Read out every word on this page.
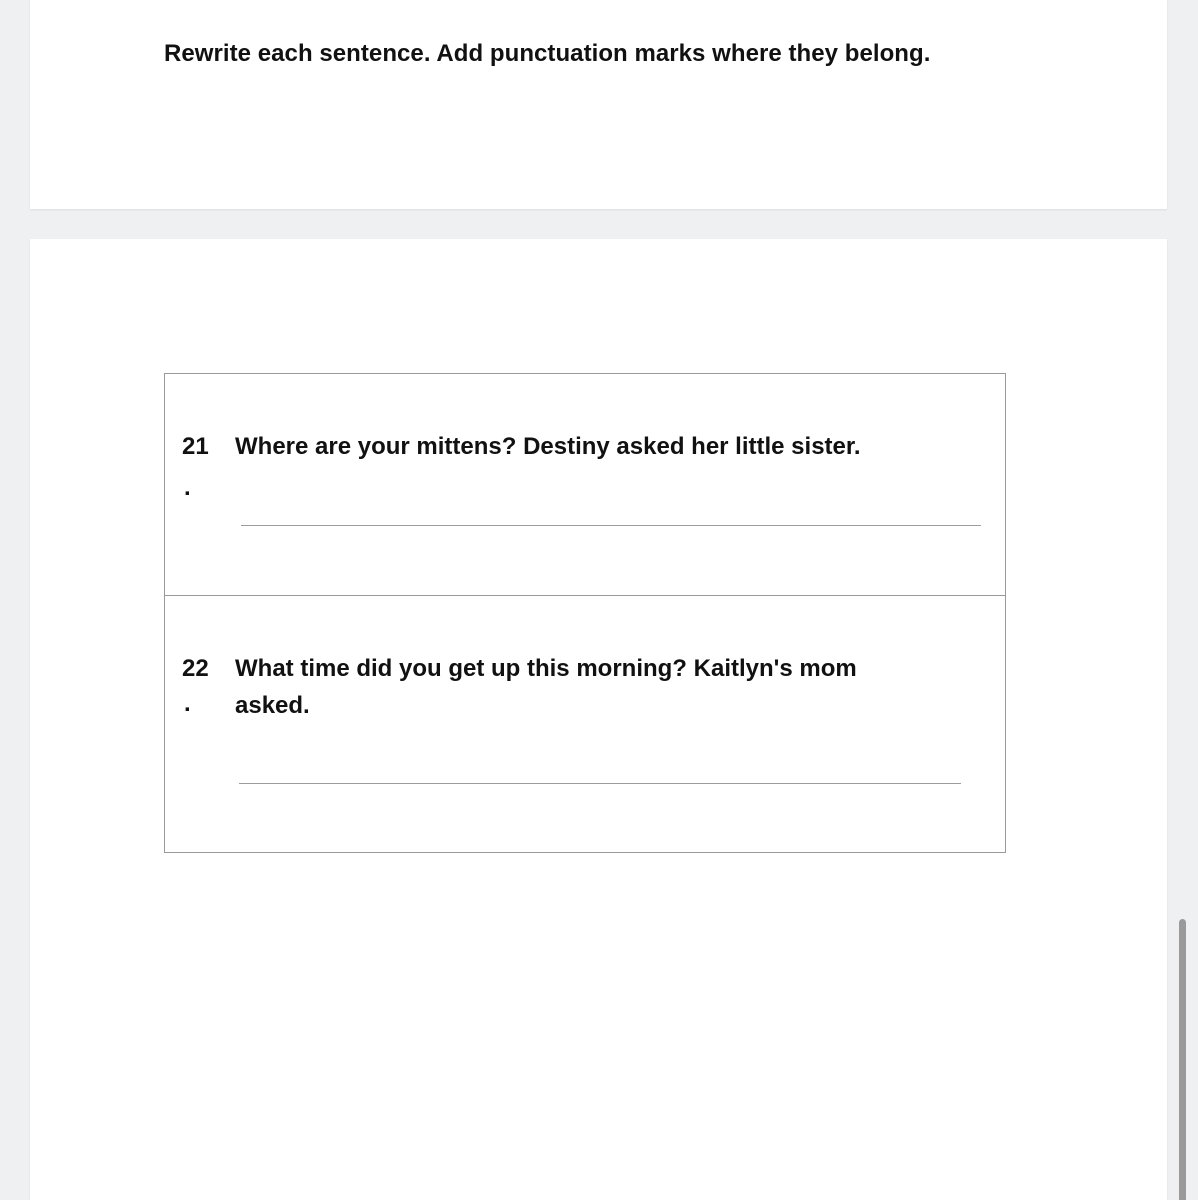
Rewrite each sentence. Add punctuation marks where they belong.
21
.
Where are your mittens? Destiny asked her little sister.
22
.
What time did you get up this morning? Kaitlyn's mom asked.
